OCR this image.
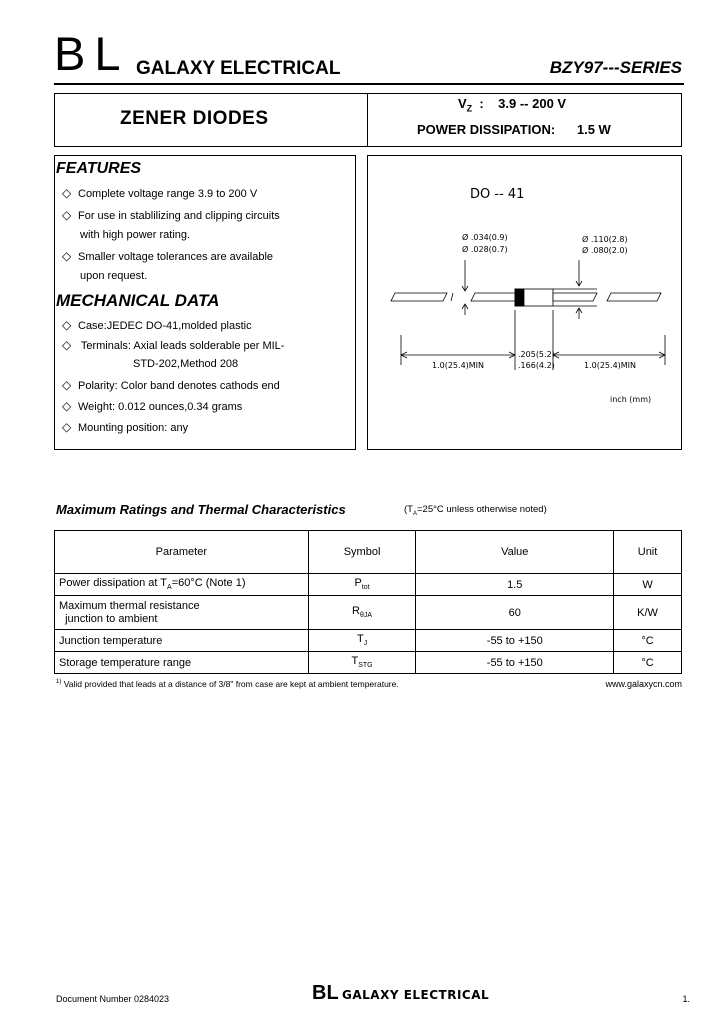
BL GALAXY ELECTRICAL	BZY97---SERIES
ZENER DIODES
$V_Z$  :    3.9 -- 200 V
POWER DISSIPATION: 1.5 W
FEATURES
◇ Complete voltage range 3.9 to 200 V
◇ For use in stablilizing and clipping circuits
with high power rating.
◇ Smaller voltage tolerances are available
upon request.
MECHANICAL DATA
◇ Case:JEDEC DO-41,molded plastic
◇ Terminals: Axial leads solderable per MIL-
STD-202,Method 208
◇ Polarity: Color band denotes cathods end
◇ Weight: 0.012 ounces,0.34 grams
◇ Mounting position: any
DO -- 41
Ø .034(0.9)
Ø .028(0.7)
Ø .110(2.8)
Ø .080(2.0)
.205(5.2)
.166(4.2)
1.0(25.4)MIN	1.0(25.4)MIN
inch (mm)
Maximum Ratings and Thermal Characteristics	($T_A=25^\circ C$ unless otherwise noted)
Parameter	Symbol	Value	Unit
Power dissipation at $T_A=60^\circ C$ (Note 1)	$P_{tot}$	1.5	W
Maximum thermal resistance
junction to ambient	$R_{\theta JA}$	60	K/W
Junction temperature	$T_J$	-55 to +150	°C
Storage temperature range	$T_{STG}$	-55 to +150	°C
$^{1)}$ Valid provided that leads at a distance of 3/8" from case are kept at ambient temperature.	www.galaxycn.com
Document Number 0284023	BL GALAXY ELECTRICAL	1.
